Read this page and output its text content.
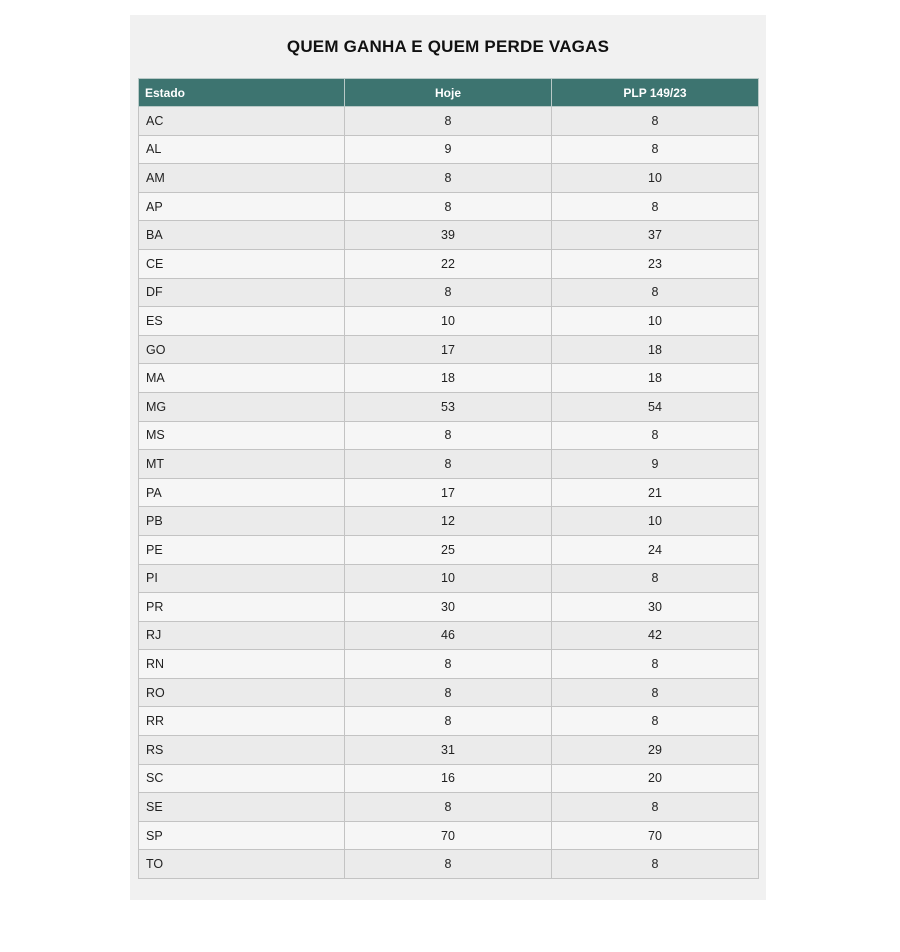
QUEM GANHA E QUEM PERDE VAGAS
Estado	Hoje	PLP 149/23
AC	8	8
AL	9	8
AM	8	10
AP	8	8
BA	39	37
CE	22	23
DF	8	8
ES	10	10
GO	17	18
MA	18	18
MG	53	54
MS	8	8
MT	8	9
PA	17	21
PB	12	10
PE	25	24
PI	10	8
PR	30	30
RJ	46	42
RN	8	8
RO	8	8
RR	8	8
RS	31	29
SC	16	20
SE	8	8
SP	70	70
TO	8	8
